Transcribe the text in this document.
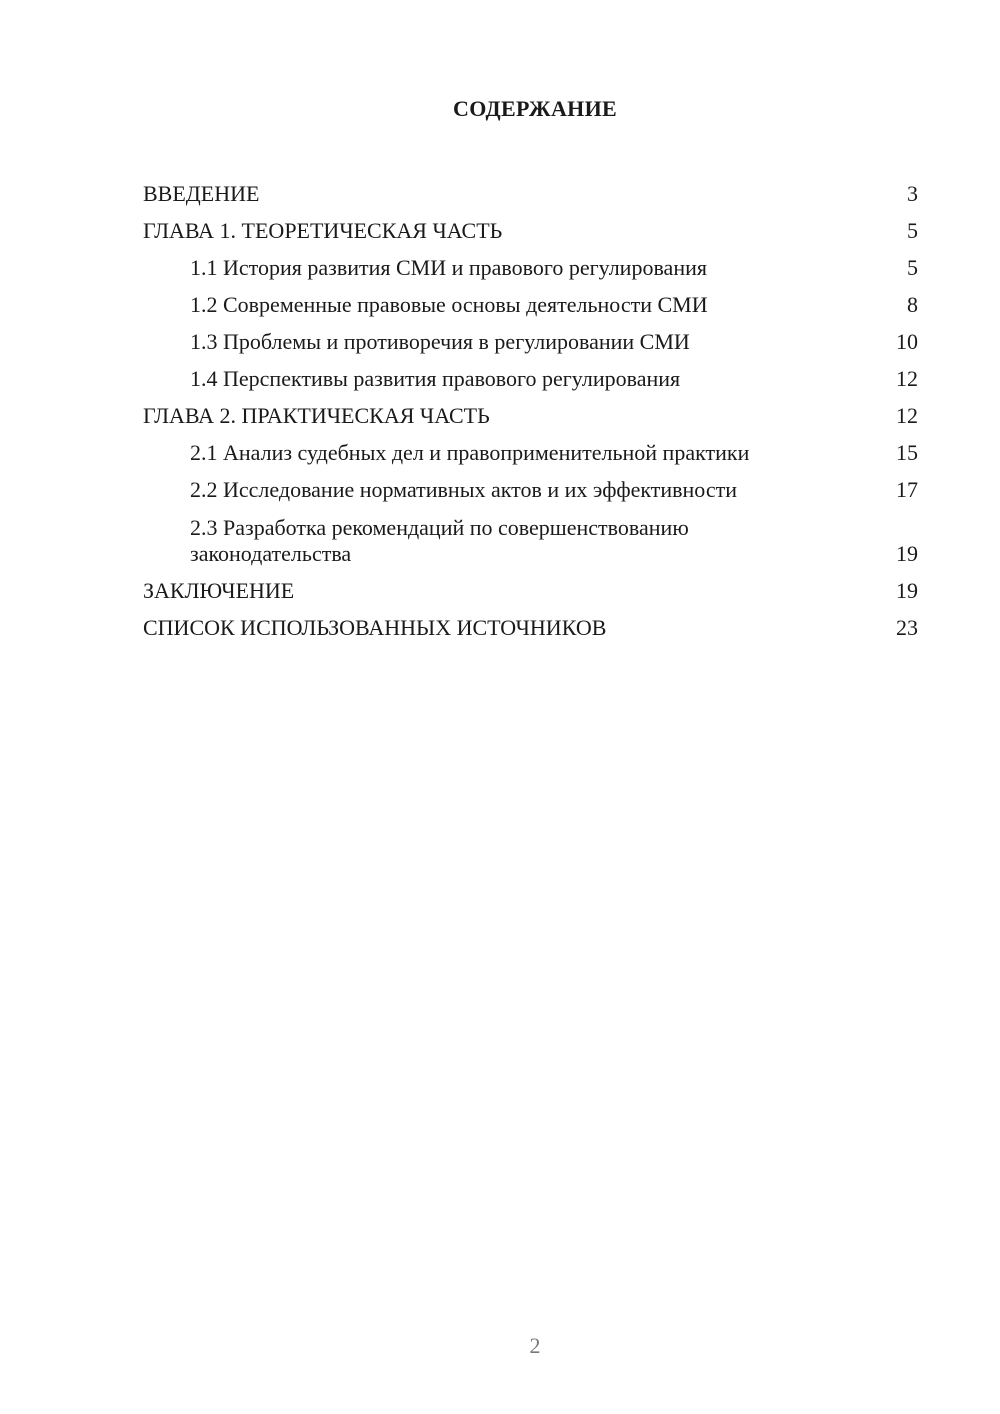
СОДЕРЖАНИЕ
ВВЕДЕНИЕ	3
ГЛАВА 1. ТЕОРЕТИЧЕСКАЯ ЧАСТЬ	5
1.1 История развития СМИ и правового регулирования	5
1.2 Современные правовые основы деятельности СМИ	8
1.3 Проблемы и противоречия в регулировании СМИ	10
1.4 Перспективы развития правового регулирования	12
ГЛАВА 2. ПРАКТИЧЕСКАЯ ЧАСТЬ	12
2.1 Анализ судебных дел и правоприменительной практики	15
2.2 Исследование нормативных актов и их эффективности	17
2.3 Разработка рекомендаций по совершенствованию
законодательства	19
ЗАКЛЮЧЕНИЕ	19
СПИСОК ИСПОЛЬЗОВАННЫХ ИСТОЧНИКОВ	23
2
